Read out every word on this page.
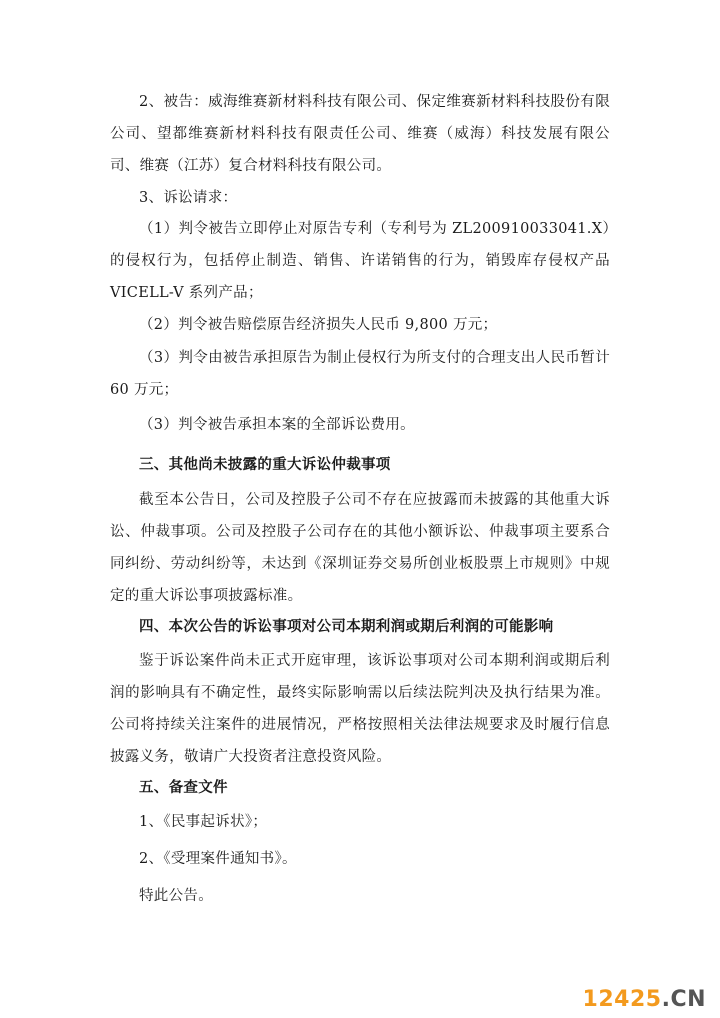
2、被告：威海维赛新材料科技有限公司、保定维赛新材料科技股份有限公司、望都维赛新材料科技有限责任公司、维赛（威海）科技发展有限公司、维赛（江苏）复合材料科技有限公司。

3、诉讼请求：

（1）判令被告立即停止对原告专利（专利号为 ZL200910033041.X）的侵权行为，包括停止制造、销售、许诺销售的行为，销毁库存侵权产品 VICELL-V 系列产品；

（2）判令被告赔偿原告经济损失人民币 9,800 万元；

（3）判令由被告承担原告为制止侵权行为所支付的合理支出人民币暂计 60 万元；

（3）判令被告承担本案的全部诉讼费用。

三、其他尚未披露的重大诉讼仲裁事项

截至本公告日，公司及控股子公司不存在应披露而未披露的其他重大诉讼、仲裁事项。公司及控股子公司存在的其他小额诉讼、仲裁事项主要系合同纠纷、劳动纠纷等，未达到《深圳证券交易所创业板股票上市规则》中规定的重大诉讼事项披露标准。

四、本次公告的诉讼事项对公司本期利润或期后利润的可能影响

鉴于诉讼案件尚未正式开庭审理，该诉讼事项对公司本期利润或期后利润的影响具有不确定性，最终实际影响需以后续法院判决及执行结果为准。公司将持续关注案件的进展情况，严格按照相关法律法规要求及时履行信息披露义务，敬请广大投资者注意投资风险。

五、备查文件

1、《民事起诉状》；

2、《受理案件通知书》。

特此公告。

12425.CN
